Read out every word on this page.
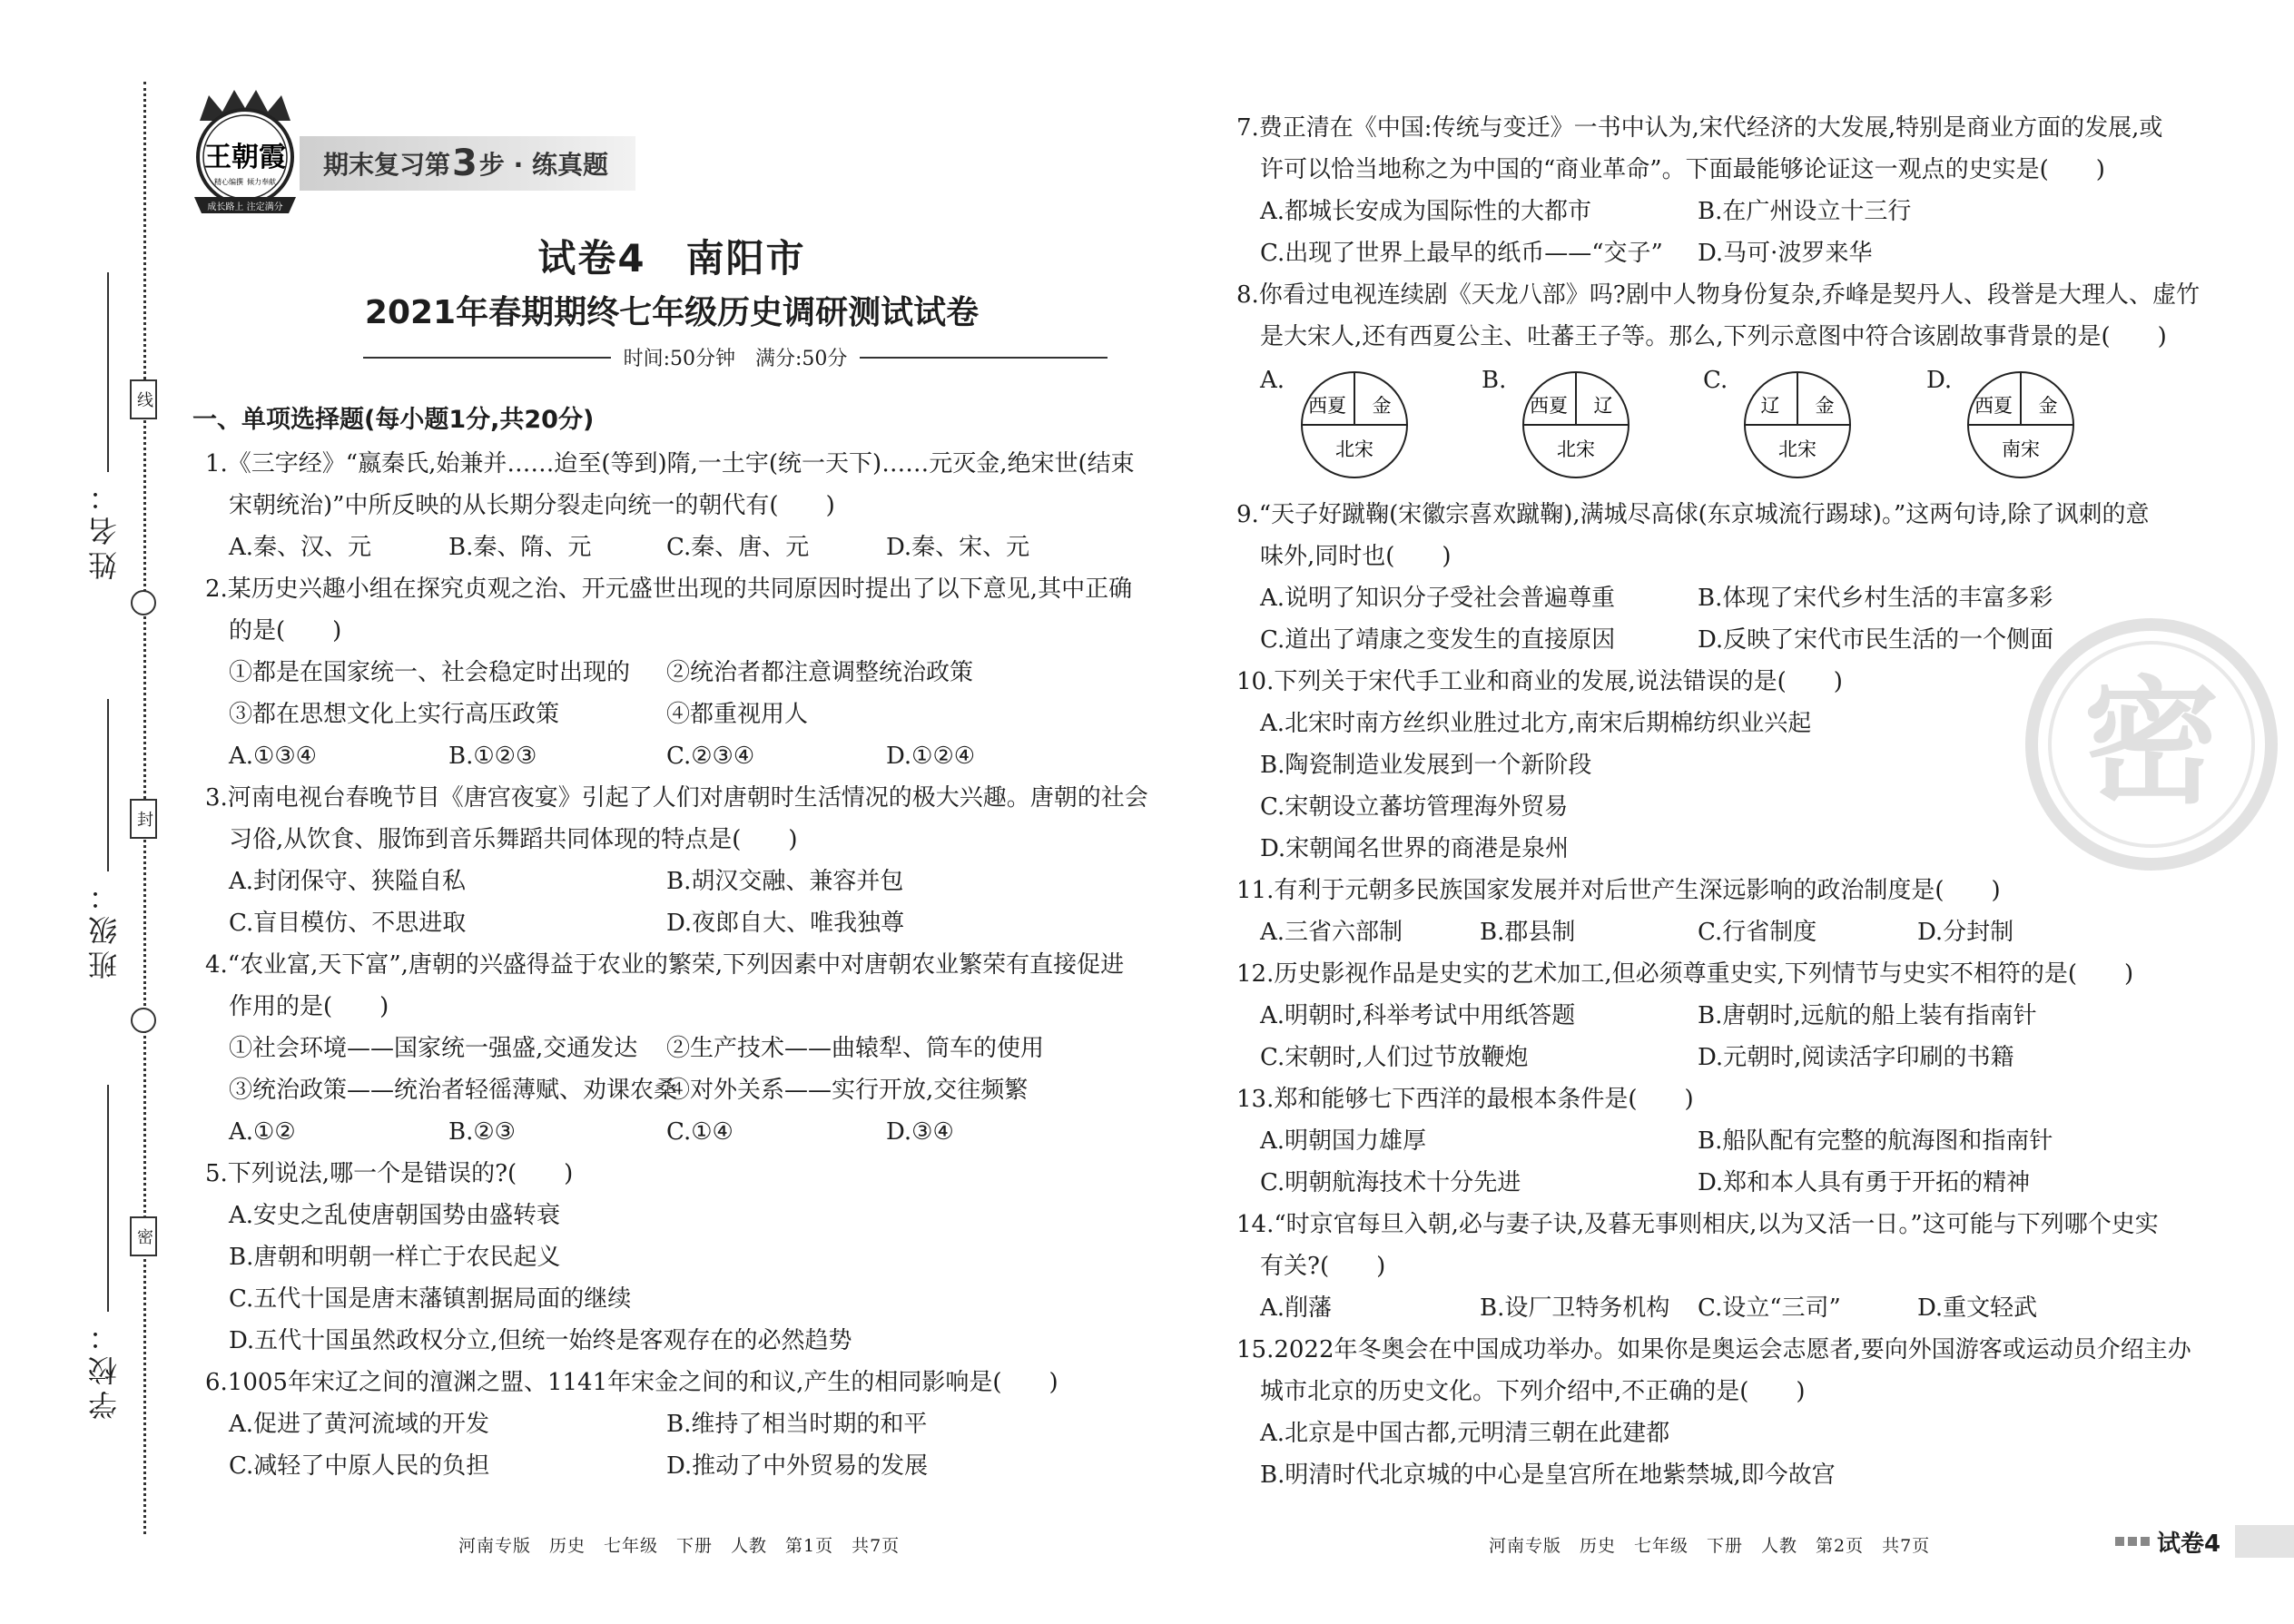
线
封
密
姓名：
班级：
学校：
王朝霞
精心编撰 倾力奉献
成长路上 注定满分
期末复习第 3 步 · 练真题
试卷4　南阳市
2021年春期期终七年级历史调研测试试卷
时间:50分钟　满分:50分
一、单项选择题(每小题1分,共20分)
1.《三字经》“嬴秦氏,始兼并……迨至(等到)隋,一土宇(统一天下)……元灭金,绝宋世(结束
宋朝统治)”中所反映的从长期分裂走向统一的朝代有(　　)
A.秦、汉、元	B.秦、隋、元	C.秦、唐、元	D.秦、宋、元
2.某历史兴趣小组在探究贞观之治、开元盛世出现的共同原因时提出了以下意见,其中正确
的是(　　)
①都是在国家统一、社会稳定时出现的 ②统治者都注意调整统治政策
③都在思想文化上实行高压政策	④都重视用人
A.①③④	B.①②③	C.②③④	D.①②④
3.河南电视台春晚节目《唐宫夜宴》引起了人们对唐朝时生活情况的极大兴趣。唐朝的社会
习俗,从饮食、服饰到音乐舞蹈共同体现的特点是(　　)
A.封闭保守、狭隘自私	B.胡汉交融、兼容并包
C.盲目模仿、不思进取	D.夜郎自大、唯我独尊
4.“农业富,天下富”,唐朝的兴盛得益于农业的繁荣,下列因素中对唐朝农业繁荣有直接促进
作用的是(　　)
①社会环境——国家统一强盛,交通发达 ②生产技术——曲辕犁、筒车的使用
③统治政策——统治者轻徭薄赋、劝课农桑
④对外关系——实行开放,交往频繁
A.①②	B.②③	C.①④	D.③④
5.下列说法,哪一个是错误的?(　　)
A.安史之乱使唐朝国势由盛转衰
B.唐朝和明朝一样亡于农民起义
C.五代十国是唐末藩镇割据局面的继续
D.五代十国虽然政权分立,但统一始终是客观存在的必然趋势
6.1005年宋辽之间的澶渊之盟、1141年宋金之间的和议,产生的相同影响是(　　)
A.促进了黄河流域的开发	B.维持了相当时期的和平
C.减轻了中原人民的负担	D.推动了中外贸易的发展
7.费正清在《中国:传统与变迁》一书中认为,宋代经济的大发展,特别是商业方面的发展,或
许可以恰当地称之为中国的“商业革命”。下面最能够论证这一观点的史实是(　　)
A.都城长安成为国际性的大都市	B.在广州设立十三行
C.出现了世界上最早的纸币——“交子” D.马可·波罗来华
8.你看过电视连续剧《天龙八部》吗?剧中人物身份复杂,乔峰是契丹人、段誉是大理人、虚竹
是大宋人,还有西夏公主、吐蕃王子等。那么,下列示意图中符合该剧故事背景的是(　　)
A.
西夏 金
北宋
B.
西夏 辽
北宋
C.
辽 金
北宋
D.
西夏 金
南宋
9.“天子好蹴鞠(宋徽宗喜欢蹴鞠),满城尽高俅(东京城流行踢球)。”这两句诗,除了讽刺的意
味外,同时也(　　)
A.说明了知识分子受社会普遍尊重	B.体现了宋代乡村生活的丰富多彩
C.道出了靖康之变发生的直接原因	D.反映了宋代市民生活的一个侧面
10.下列关于宋代手工业和商业的发展,说法错误的是(　　)
A.北宋时南方丝织业胜过北方,南宋后期棉纺织业兴起
B.陶瓷制造业发展到一个新阶段
C.宋朝设立蕃坊管理海外贸易
D.宋朝闻名世界的商港是泉州
11.有利于元朝多民族国家发展并对后世产生深远影响的政治制度是(　　)
A.三省六部制	B.郡县制	C.行省制度	D.分封制
12.历史影视作品是史实的艺术加工,但必须尊重史实,下列情节与史实不相符的是(　　)
A.明朝时,科举考试中用纸答题	B.唐朝时,远航的船上装有指南针
C.宋朝时,人们过节放鞭炮	D.元朝时,阅读活字印刷的书籍
13.郑和能够七下西洋的最根本条件是(　　)
A.明朝国力雄厚	B.船队配有完整的航海图和指南针
C.明朝航海技术十分先进	D.郑和本人具有勇于开拓的精神
14.“时京官每旦入朝,必与妻子诀,及暮无事则相庆,以为又活一日。”这可能与下列哪个史实
有关?(　　)
A.削藩	B.设厂卫特务机构 C.设立“三司”	D.重文轻武
15.2022年冬奥会在中国成功举办。如果你是奥运会志愿者,要向外国游客或运动员介绍主办
城市北京的历史文化。下列介绍中,不正确的是(　　)
A.北京是中国古都,元明清三朝在此建都
B.明清时代北京城的中心是皇宫所在地紫禁城,即今故宫
密
河南专版　历史　七年级　下册　人教　第1页　共7页	河南专版　历史　七年级　下册　人教　第2页　共7页	试卷4
